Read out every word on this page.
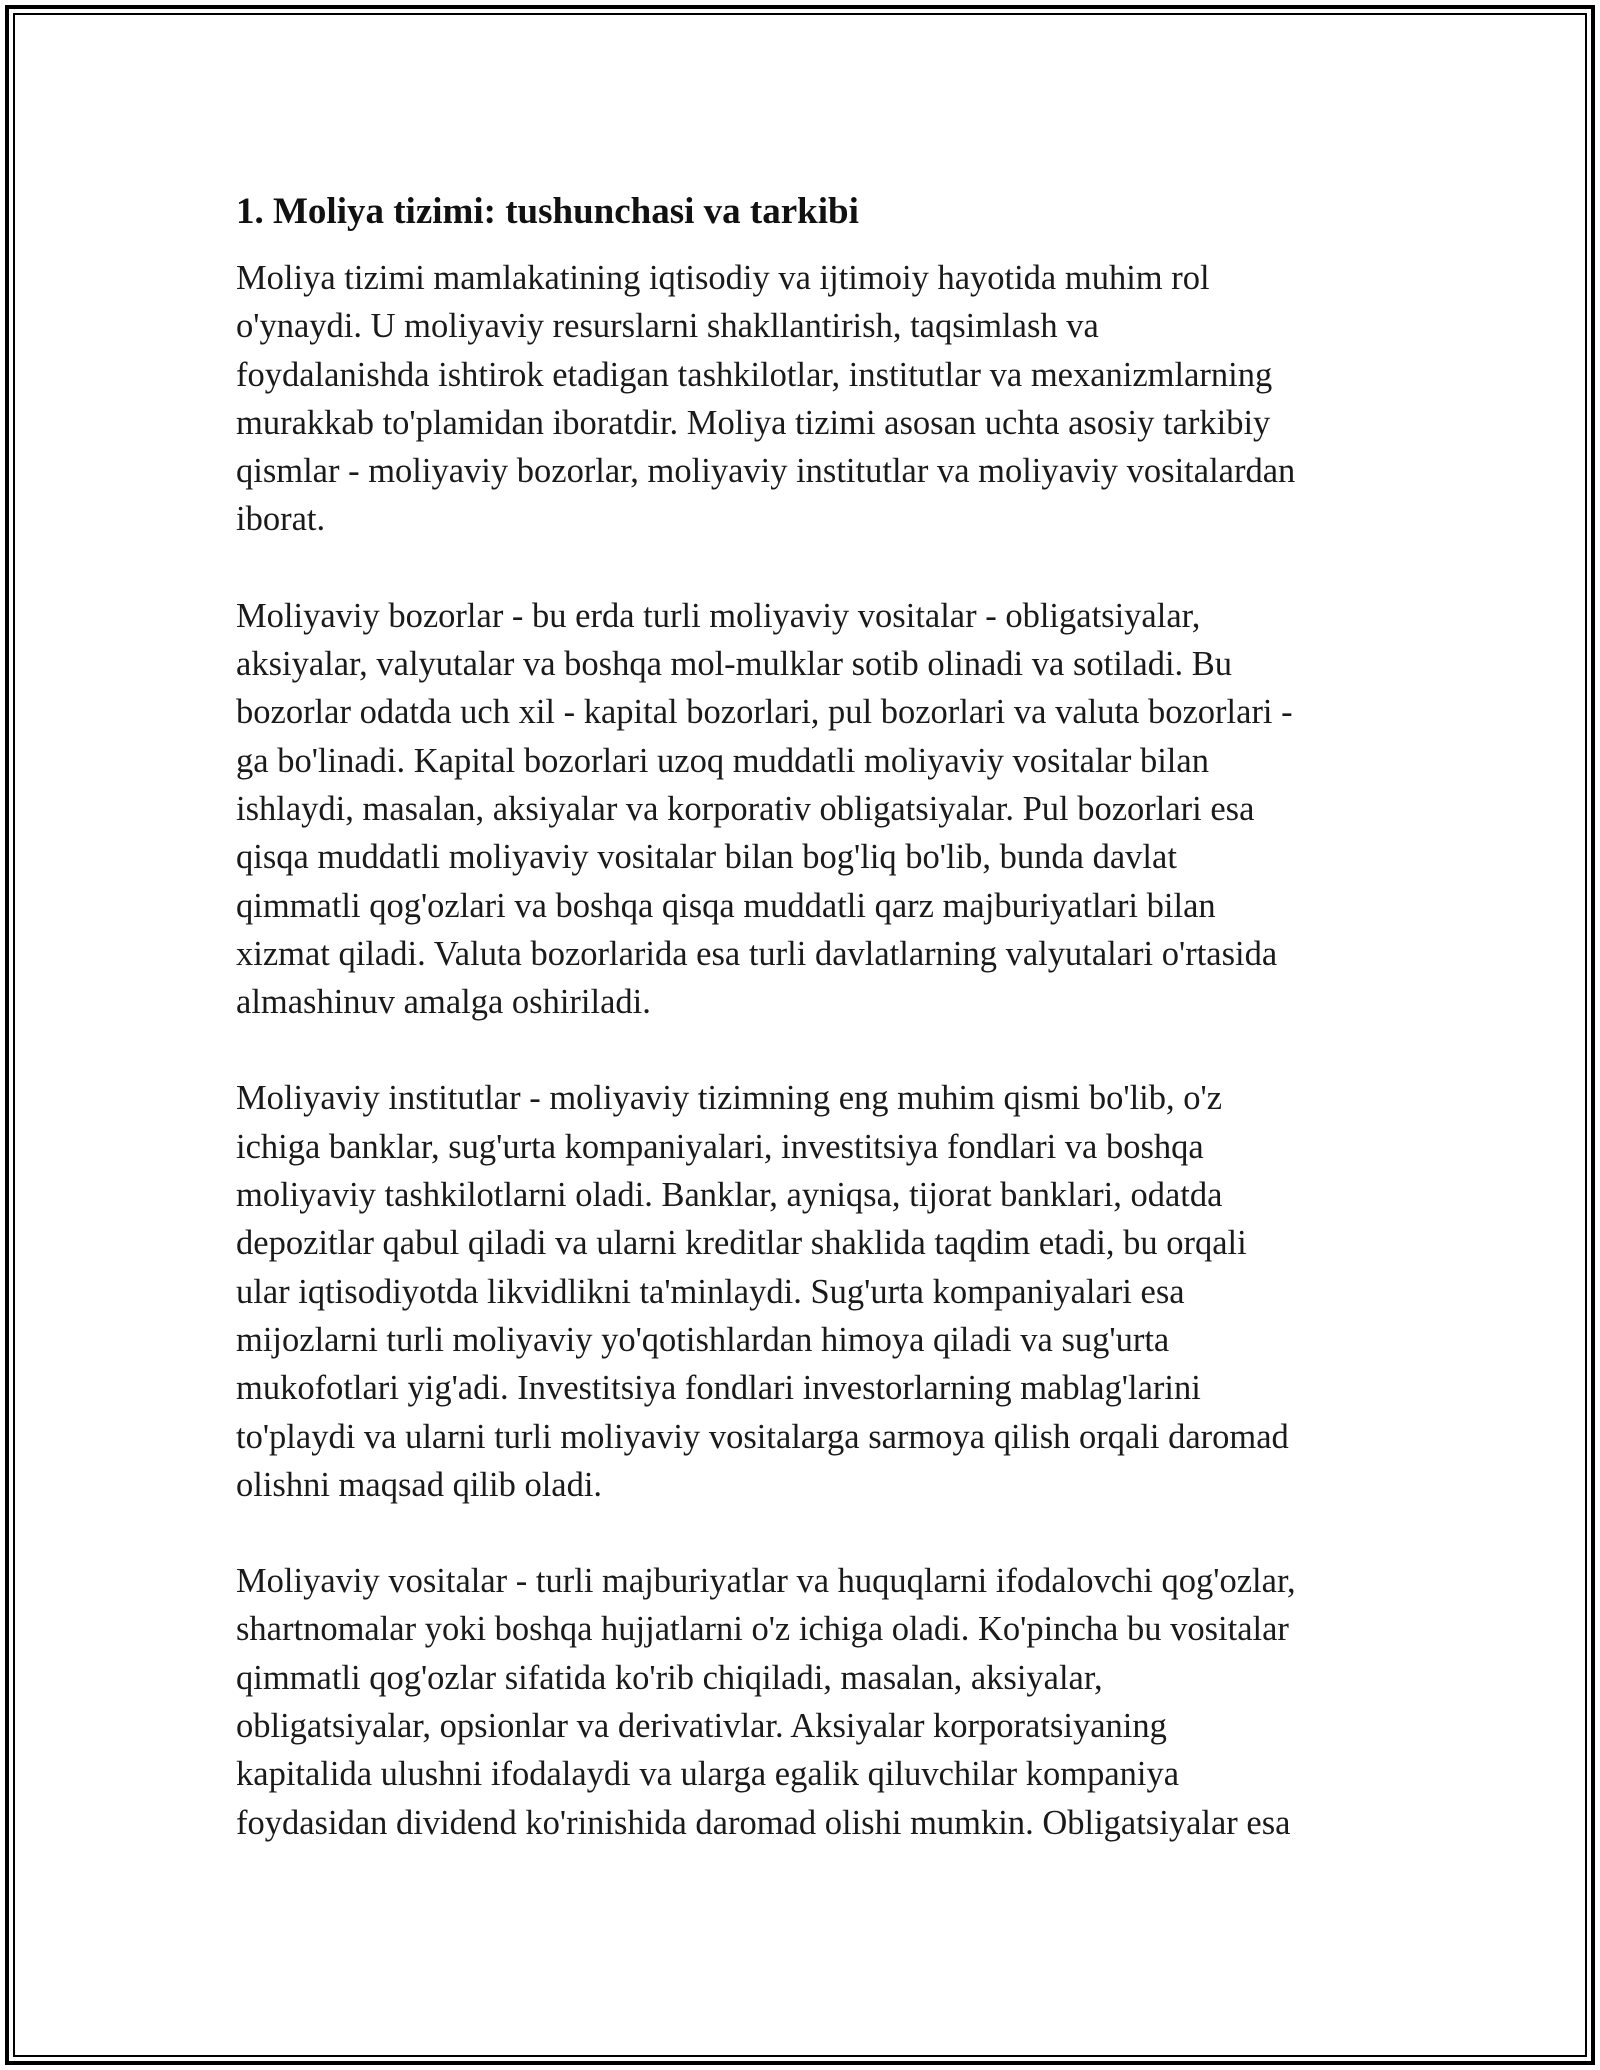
1. Moliya tizimi: tushunchasi va tarkibi
Moliya tizimi mamlakatining iqtisodiy va ijtimoiy hayotida muhim rol
o'ynaydi. U moliyaviy resurslarni shakllantirish, taqsimlash va
foydalanishda ishtirok etadigan tashkilotlar, institutlar va mexanizmlarning
murakkab to'plamidan iboratdir. Moliya tizimi asosan uchta asosiy tarkibiy
qismlar - moliyaviy bozorlar, moliyaviy institutlar va moliyaviy vositalardan
iborat.
Moliyaviy bozorlar - bu erda turli moliyaviy vositalar - obligatsiyalar,
aksiyalar, valyutalar va boshqa mol-mulklar sotib olinadi va sotiladi. Bu
bozorlar odatda uch xil - kapital bozorlari, pul bozorlari va valuta bozorlari -
ga bo'linadi. Kapital bozorlari uzoq muddatli moliyaviy vositalar bilan
ishlaydi, masalan, aksiyalar va korporativ obligatsiyalar. Pul bozorlari esa
qisqa muddatli moliyaviy vositalar bilan bog'liq bo'lib, bunda davlat
qimmatli qog'ozlari va boshqa qisqa muddatli qarz majburiyatlari bilan
xizmat qiladi. Valuta bozorlarida esa turli davlatlarning valyutalari o'rtasida
almashinuv amalga oshiriladi.
Moliyaviy institutlar - moliyaviy tizimning eng muhim qismi bo'lib, o'z
ichiga banklar, sug'urta kompaniyalari, investitsiya fondlari va boshqa
moliyaviy tashkilotlarni oladi. Banklar, ayniqsa, tijorat banklari, odatda
depozitlar qabul qiladi va ularni kreditlar shaklida taqdim etadi, bu orqali
ular iqtisodiyotda likvidlikni ta'minlaydi. Sug'urta kompaniyalari esa
mijozlarni turli moliyaviy yo'qotishlardan himoya qiladi va sug'urta
mukofotlari yig'adi. Investitsiya fondlari investorlarning mablag'larini
to'playdi va ularni turli moliyaviy vositalarga sarmoya qilish orqali daromad
olishni maqsad qilib oladi.
Moliyaviy vositalar - turli majburiyatlar va huquqlarni ifodalovchi qog'ozlar,
shartnomalar yoki boshqa hujjatlarni o'z ichiga oladi. Ko'pincha bu vositalar
qimmatli qog'ozlar sifatida ko'rib chiqiladi, masalan, aksiyalar,
obligatsiyalar, opsionlar va derivativlar. Aksiyalar korporatsiyaning
kapitalida ulushni ifodalaydi va ularga egalik qiluvchilar kompaniya
foydasidan dividend ko'rinishida daromad olishi mumkin. Obligatsiyalar esa
